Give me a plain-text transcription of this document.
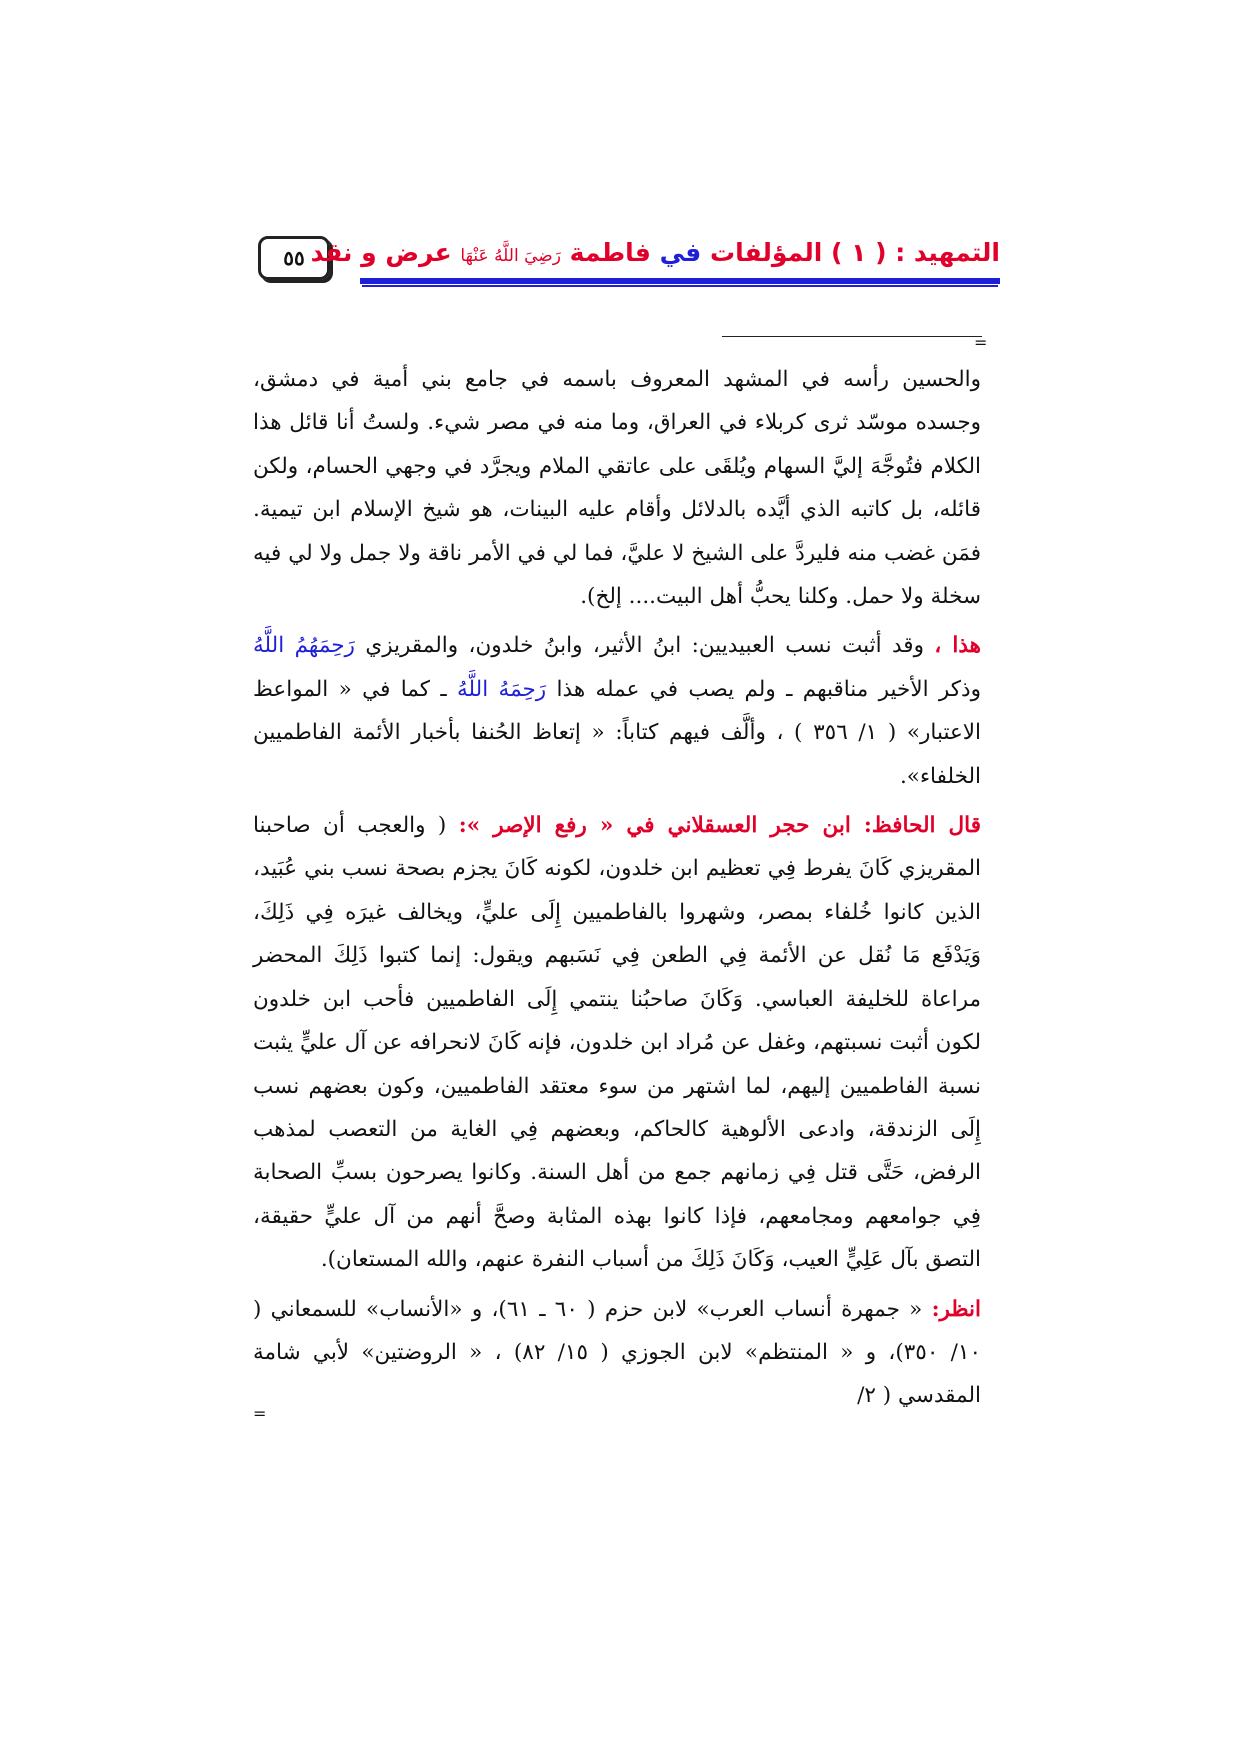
٥٥	التمهيد : ( ١ ) المؤلفات في فاطمة رَضِيَ اللَّهُ عَنْهَا عرض و نقد
=

والحسين رأسه في المشهد المعروف باسمه في جامع بني أمية في دمشق، وجسده موسّد ثرى كربلاء في العراق، وما منه في مصر شيء. ولستُ أنا قائل هذا الكلام فتُوجَّهَ إليَّ السهام ويُلقَى على عاتقي الملام ويجرَّد في وجهي الحسام، ولكن قائله، بل كاتبه الذي أيَّده بالدلائل وأقام عليه البينات، هو شيخ الإسلام ابن تيمية. فمَن غضب منه فليردَّ على الشيخ لا عليَّ، فما لي في الأمر ناقة ولا جمل ولا لي فيه سخلة ولا حمل. وكلنا يحبُّ أهل البيت.... إلخ).

هذا ، وقد أثبت نسب العبيديين: ابنُ الأثير، وابنُ خلدون، والمقريزي رَحِمَهُمُ اللَّهُ وذكر الأخير مناقبهم ـ ولم يصب في عمله هذا رَحِمَهُ اللَّهُ ـ كما في « المواعظ الاعتبار» ( ١/ ٣٥٦ ) ، وألَّف فيهم كتاباً: « إتعاظ الحُنفا بأخبار الأئمة الفاطميين الخلفاء».

قال الحافظ: ابن حجر العسقلاني في « رفع الإصر »: ( والعجب أن صاحبنا المقريزي كَانَ يفرط فِي تعظيم ابن خلدون، لكونه كَانَ يجزم بصحة نسب بني عُبَيد، الذين كانوا خُلفاء بمصر، وشهروا بالفاطميين إِلَى عليٍّ، ويخالف غيرَه فِي ذَلِكَ، وَيَدْفَع مَا نُقل عن الأئمة فِي الطعن فِي نَسَبهم ويقول: إنما كتبوا ذَلِكَ المحضر مراعاة للخليفة العباسي. وَكَانَ صاحبُنا ينتمي إِلَى الفاطميين فأحب ابن خلدون لكون أثبت نسبتهم، وغفل عن مُراد ابن خلدون، فإنه كَانَ لانحرافه عن آل عليٍّ يثبت نسبة الفاطميين إليهم، لما اشتهر من سوء معتقد الفاطميين، وكون بعضهم نسب إِلَى الزندقة، وادعى الألوهية كالحاكم، وبعضهم فِي الغاية من التعصب لمذهب الرفض، حَتَّى قتل فِي زمانهم جمع من أهل السنة. وكانوا يصرحون بسبِّ الصحابة فِي جوامعهم ومجامعهم، فإذا كانوا بهذه المثابة وصحَّ أنهم من آل عليٍّ حقيقة، التصق بآل عَلِيٍّ العيب، وَكَانَ ذَلِكَ من أسباب النفرة عنهم، والله المستعان).

انظر: « جمهرة أنساب العرب» لابن حزم ( ٦٠ ـ ٦١)، و «الأنساب» للسمعاني ( ١٠/ ٣٥٠)، و « المنتظم» لابن الجوزي ( ١٥/ ٨٢) ، « الروضتين» لأبي شامة المقدسي ( ٢/

=
